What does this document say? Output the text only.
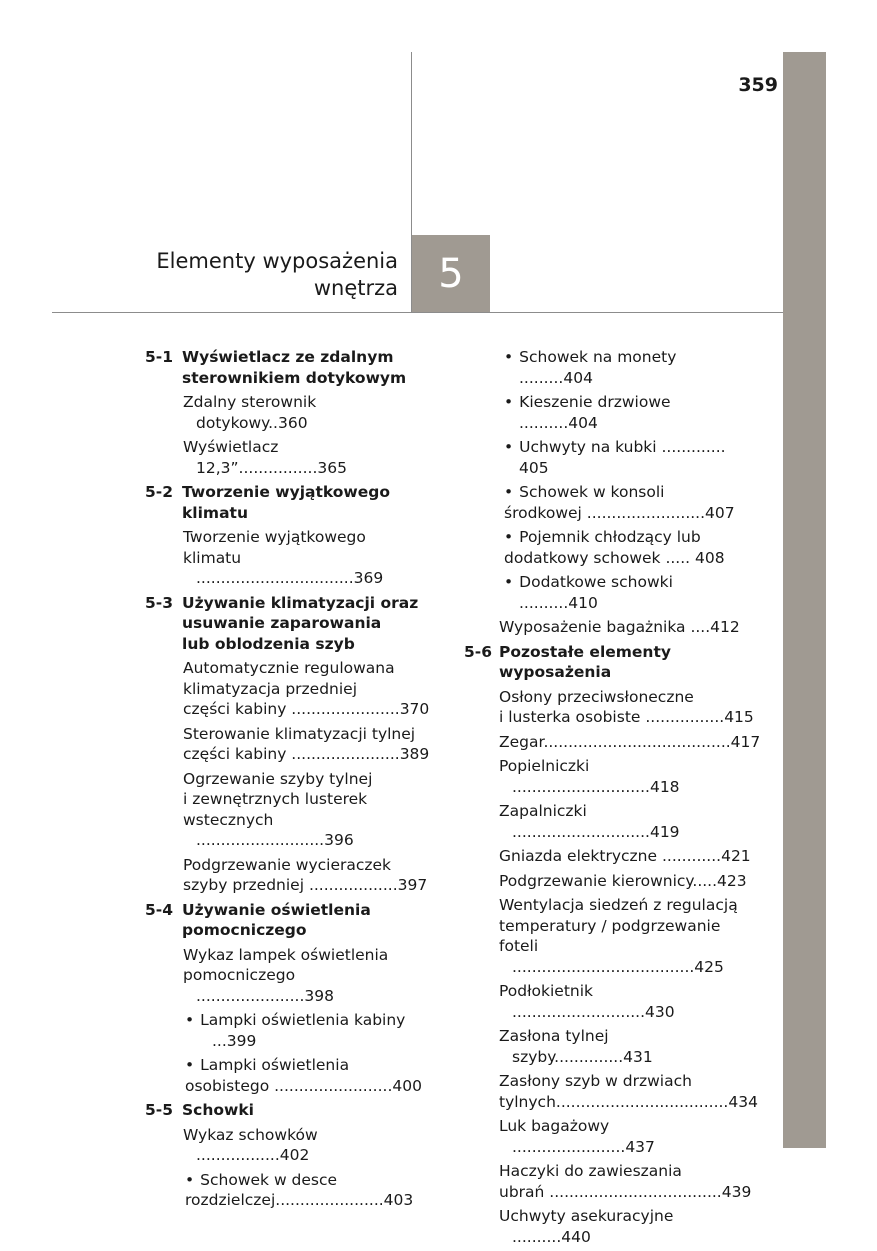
359
Elementy wyposażenia
wnętrza 5
5-1 Wyświetlacz ze zdalnym
sterownikiem dotykowym
Zdalny sterownik dotykowy..360
Wyświetlacz 12,3”................365
5-2 Tworzenie wyjątkowego klimatu
Tworzenie wyjątkowego
klimatu ................................369
5-3 Używanie klimatyzacji oraz
usuwanie zaparowania
lub oblodzenia szyb
Automatycznie regulowana
klimatyzacja przedniej
części kabiny ......................370
Sterowanie klimatyzacji tylnej
części kabiny ......................389
Ogrzewanie szyby tylnej
i zewnętrznych lusterek
wstecznych ..........................396
Podgrzewanie wycieraczek
szyby przedniej ..................397
5-4 Używanie oświetlenia
pomocniczego
Wykaz lampek oświetlenia
pomocniczego ......................398
• Lampki oświetlenia kabiny ...399
• Lampki oświetlenia
osobistego ........................400
5-5 Schowki
Wykaz schowków .................402
• Schowek w desce
rozdzielczej......................403
• Schowek na monety .........404
• Kieszenie drzwiowe ..........404
• Uchwyty na kubki ............. 405
• Schowek w konsoli
środkowej ........................407
• Pojemnik chłodzący lub
dodatkowy schowek ..... 408
• Dodatkowe schowki ..........410
Wyposażenie bagażnika ....412
5-6 Pozostałe elementy wyposażenia
Osłony przeciwsłoneczne
i lusterka osobiste ................415
Zegar......................................417
Popielniczki ............................418
Zapalniczki ............................419
Gniazda elektryczne ............421
Podgrzewanie kierownicy.....423
Wentylacja siedzeń z regulacją
temperatury / podgrzewanie
foteli .....................................425
Podłokietnik ...........................430
Zasłona tylnej szyby..............431
Zasłony szyb w drzwiach
tylnych...................................434
Luk bagażowy .......................437
Haczyki do zawieszania
ubrań ...................................439
Uchwyty asekuracyjne ..........440
